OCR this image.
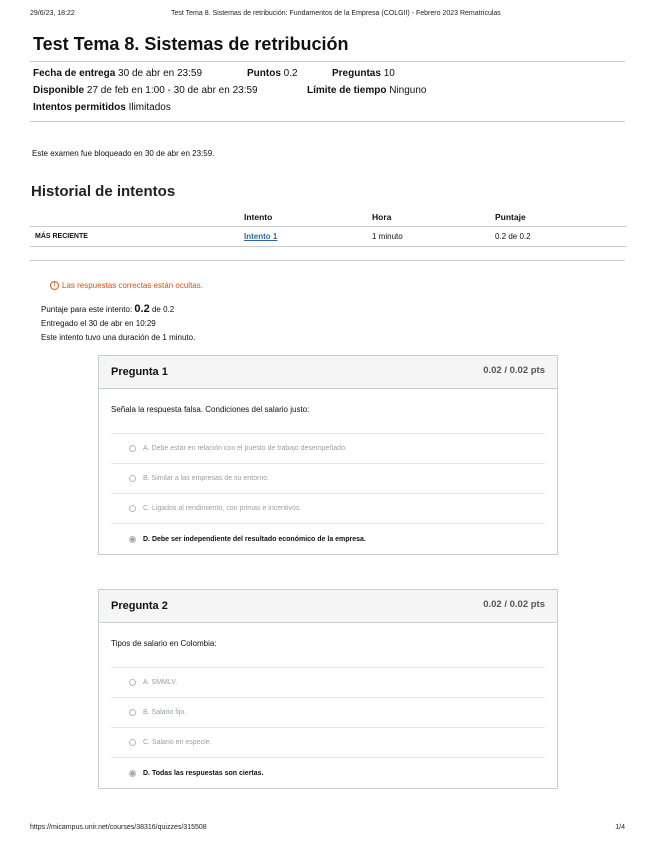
29/6/23, 18:22	Test Tema 8. Sistemas de retribución: Fundamentos de la Empresa (COLGII) - Febrero 2023 Rematriculas
Test Tema 8. Sistemas de retribución
Fecha de entrega 30 de abr en 23:59	Puntos 0.2	Preguntas 10
Disponible 27 de feb en 1:00 - 30 de abr en 23:59	Límite de tiempo Ninguno
Intentos permitidos Ilimitados
Este examen fue bloqueado en 30 de abr en 23:59.
Historial de intentos
	Intento	Hora	Puntaje
MÁS RECIENTE	Intento 1	1 minuto	0.2 de 0.2
! Las respuestas correctas están ocultas.
Puntaje para este intento: 0.2 de 0.2
Entregado el 30 de abr en 10:29
Este intento tuvo una duración de 1 minuto.
Pregunta 1	0.02 / 0.02 pts
Señala la respuesta falsa. Condiciones del salario justo:
A. Debe estar en relación con el puesto de trabajo desempeñado.
B. Similar a las empresas de su entorno.
C. Ligados al rendimiento, con primas e incentivos.
D. Debe ser independiente del resultado económico de la empresa.
Pregunta 2	0.02 / 0.02 pts
Tipos de salario en Colombia:
A. SMMLV.
B. Salario fijo.
C. Salario en especie.
D. Todas las respuestas son ciertas.
https://micampus.unir.net/courses/38316/quizzes/315508	1/4
